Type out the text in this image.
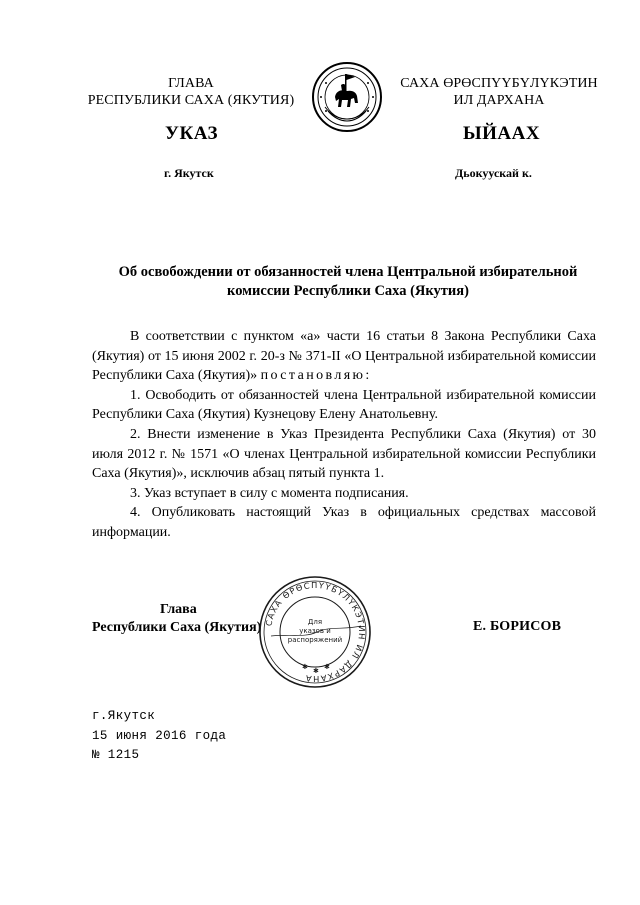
ГЛАВА
РЕСПУБЛИКИ САХА (ЯКУТИЯ)
САХА ӨРӨСПҮҮБҮЛҮКЭТИН
ИЛ ДАРХАНА
УКАЗ	ЫЙААХ
г. Якутск	Дьокуускай к.
Об освобождении от обязанностей члена Центральной избирательной
комиссии Республики Саха (Якутия)

В соответствии с пунктом «а» части 16 статьи 8 Закона Республики Саха (Якутия) от 15 июня 2002 г. 20-з № 371-II «О Центральной избирательной комиссии Республики Саха (Якутия)» постановляю:

1. Освободить от обязанностей члена Центральной избирательной комиссии Республики Саха (Якутия) Кузнецову Елену Анатольевну.

2. Внести изменение в Указ Президента Республики Саха (Якутия) от 30 июля 2012 г. № 1571 «О членах Центральной избирательной комиссии Республики Саха (Якутия)», исключив абзац пятый пункта 1.

3. Указ вступает в силу с момента подписания.

4. Опубликовать настоящий Указ в официальных средствах массовой информации.

Глава
Республики Саха (Якутия) САХА ӨРӨСПҮҮБҮЛҮКЭТИН ИЛ ДАРХАНА
Для
указов и
распоряжений
✱ ✱ ✱
Е. БОРИСОВ
г.Якутск
15 июня 2016 года
№ 1215
